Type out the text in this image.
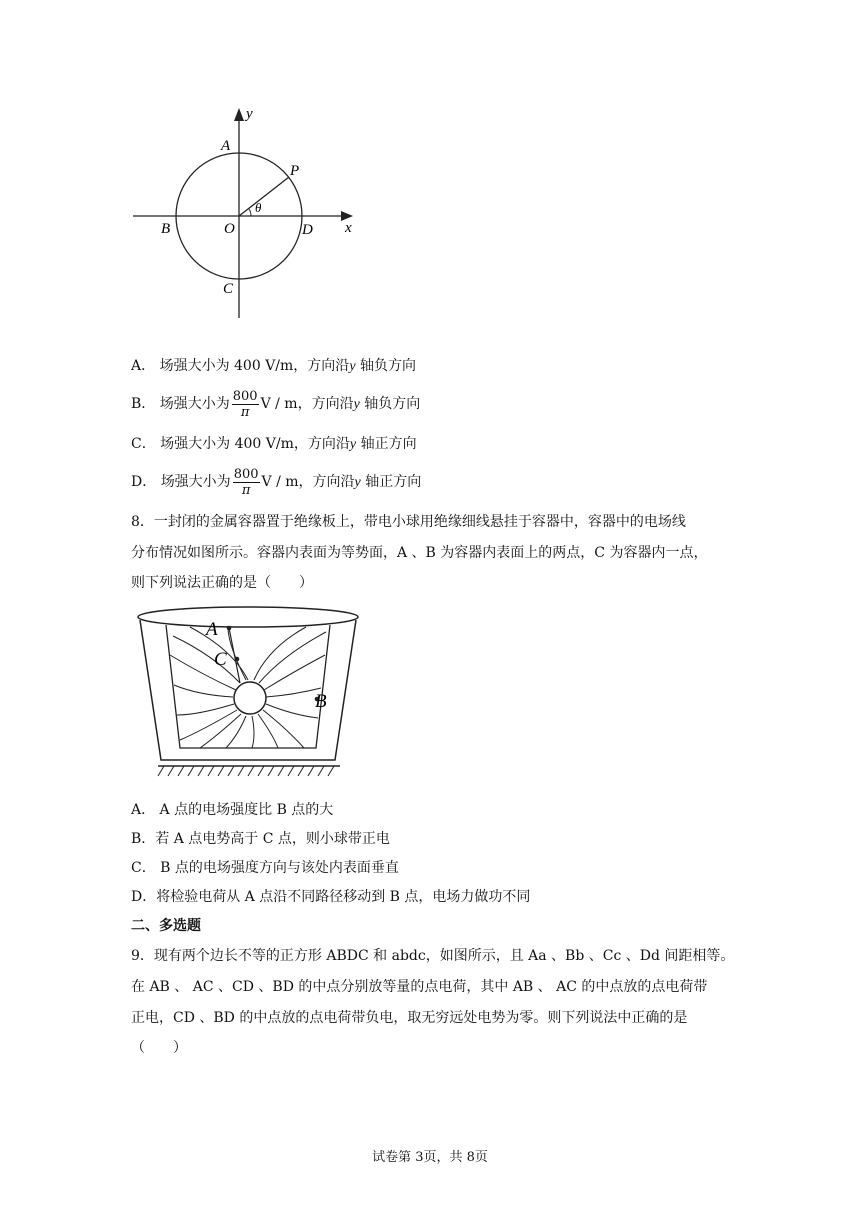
y
x
A
P
θ
B	O	D
C
A． 场强大小为 400 V/m，方向沿y 轴负方向
B． 场强大小为 $\frac{800}{\pi}$ V / m，方向沿y 轴负方向
C． 场强大小为 400 V/m，方向沿y 轴正方向
D． 场强大小为 $\frac{800}{\pi}$ V / m，方向沿y 轴正方向
8．一封闭的金属容器置于绝缘板上，带电小球用绝缘细线悬挂于容器中，容器中的电场线
分布情况如图所示。容器内表面为等势面，A 、B 为容器内表面上的两点，C 为容器内一点，
则下列说法正确的是（　　）
A
C
B
A． A 点的电场强度比 B 点的大
B．若 A 点电势高于 C 点，则小球带正电
C． B 点的电场强度方向与该处内表面垂直
D．将检验电荷从 A 点沿不同路径移动到 B 点，电场力做功不同
二、多选题
9．现有两个边长不等的正方形 ABDC 和 abdc，如图所示，且 Aa 、Bb 、Cc 、Dd 间距相等。
在 AB 、 AC 、CD 、BD 的中点分别放等量的点电荷，其中 AB 、 AC 的中点放的点电荷带
正电，CD 、BD 的中点放的点电荷带负电，取无穷远处电势为零。则下列说法中正确的是
（　　）
试卷第 3页，共 8页
